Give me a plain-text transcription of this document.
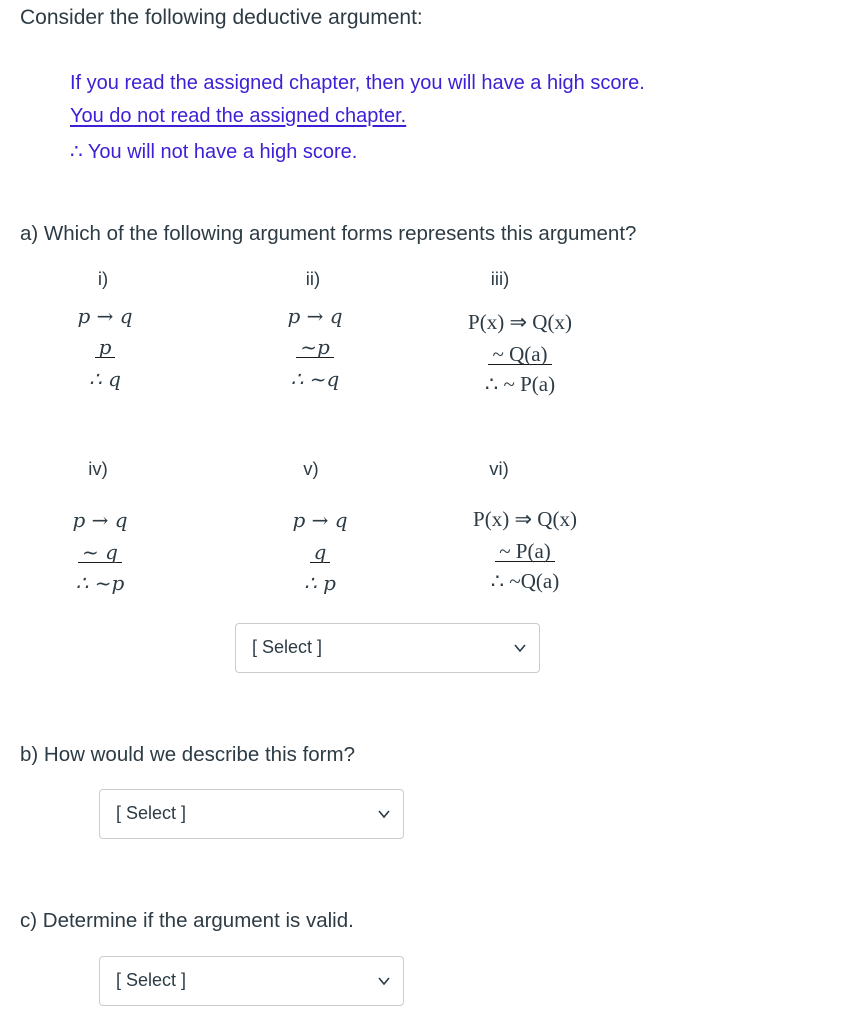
Consider the following deductive argument:
If you read the assigned chapter, then you will have a high score.
You do not read the assigned chapter.
∴ You will not have a high score.
a) Which of the following argument forms represents this argument?
i)	ii)	iii)
p → q
p
∴ q
p → q
~p
∴ ~q
P(x) ⇒ Q(x)
~ Q(a)
∴ ~ P(a)
iv)	v)	vi)
p → q
~ q
∴ ~p
p → q
q
∴ p
P(x) ⇒ Q(x)
~ P(a)
∴ ~Q(a)
[ Select ]
b) How would we describe this form?
[ Select ]
c) Determine if the argument is valid.
[ Select ]
